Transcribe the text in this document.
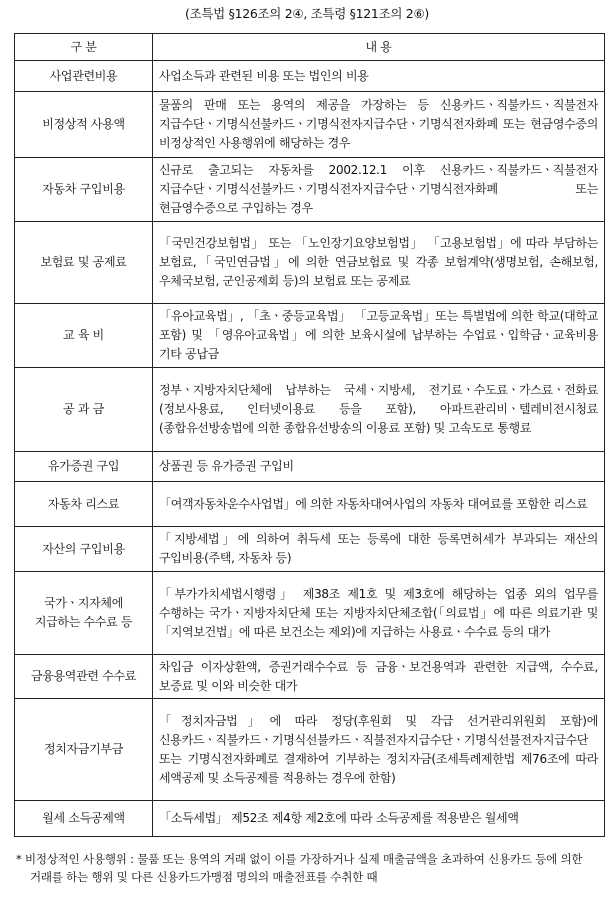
(조특법 §126조의 2④, 조특령 §121조의 2⑥)
구 분	내 용
사업관련비용	사업소득과 관련된 비용 또는 법인의 비용
비정상적 사용액	물품의 판매 또는 용역의 제공을 가장하는 등 신용카드ㆍ직불카드ㆍ직불전자 지급수단ㆍ기명식선불카드ㆍ기명식전자지급수단ㆍ기명식전자화폐 또는 현금영수증의 비정상적인 사용행위에 해당하는 경우
자동차 구입비용	신규로 출고되는 자동차를 2002.12.1 이후 신용카드ㆍ직불카드ㆍ직불전자 지급수단ㆍ기명식선불카드ㆍ기명식전자지급수단ㆍ기명식전자화폐 또는 현금영수증으로 구입하는 경우
보험료 및 공제료	「국민건강보험법」 또는 「노인장기요양보험법」 「고용보험법」에 따라 부담하는 보험료,「국민연금법」에 의한 연금보험료 및 각종 보험계약(생명보험, 손해보험,우체국보험, 군인공제회 등)의 보험료 또는 공제료
교 육 비	「유아교육법」, 「초ㆍ중등교육법」 「고등교육법」또는 특별법에 의한 학교(대학교 포함) 및 「영유아교육법」에 의한 보육시설에 납부하는 수업료ㆍ입학금ㆍ교육비용 기타 공납금
공 과 금	정부ㆍ지방자치단체에 납부하는 국세ㆍ지방세, 전기료ㆍ수도료ㆍ가스료ㆍ전화료(정보사용료, 인터넷이용료 등을 포함), 아파트관리비ㆍ텔레비전시청료(종합유선방송법에 의한 종합유선방송의 이용료 포함) 및 고속도로 통행료
유가증권 구입	상품권 등 유가증권 구입비
자동차 리스료	「여객자동차운수사업법」에 의한 자동차대여사업의 자동차 대여료를 포함한 리스료
자산의 구입비용	「지방세법」에 의하여 취득세 또는 등록에 대한 등록면허세가 부과되는 재산의 구입비용(주택, 자동차 등)
국가ㆍ지자체에 지급하는 수수료 등	「부가가치세법시행령」 제38조 제1호 및 제3호에 해당하는 업종 외의 업무를 수행하는 국가ㆍ지방자치단체 또는 지방자치단체조합(「의료법」에 따른 의료기관 및 「지역보건법」에 따른 보건소는 제외)에 지급하는 사용료ㆍ수수료 등의 대가
금융용역관련 수수료	차입금 이자상환액, 증권거래수수료 등 금융ㆍ보건용역과 관련한 지급액, 수수료, 보증료 및 이와 비슷한 대가
정치자금기부금	「정치자금법」에 따라 정당(후원회 및 각급 선거관리위원회 포함)에 신용카드ㆍ직불카드ㆍ기명식선불카드ㆍ직불전자지급수단ㆍ기명식선불전자지급수단 또는 기명식전자화폐로 결재하여 기부하는 정치자금(조세특례제한법 제76조에 따라 세액공제 및 소득공제를 적용하는 경우에 한함)
월세 소득공제액	「소득세법」 제52조 제4항 제2호에 따라 소득공제를 적용받은 월세액
* 비정상적인 사용행위 : 물품 또는 용역의 거래 없이 이를 가장하거나 실제 매출금액을 초과하여 신용카드 등에 의한 거래를 하는 행위 및 다른 신용카드가맹점 명의의 매출전표를 수취한 때
